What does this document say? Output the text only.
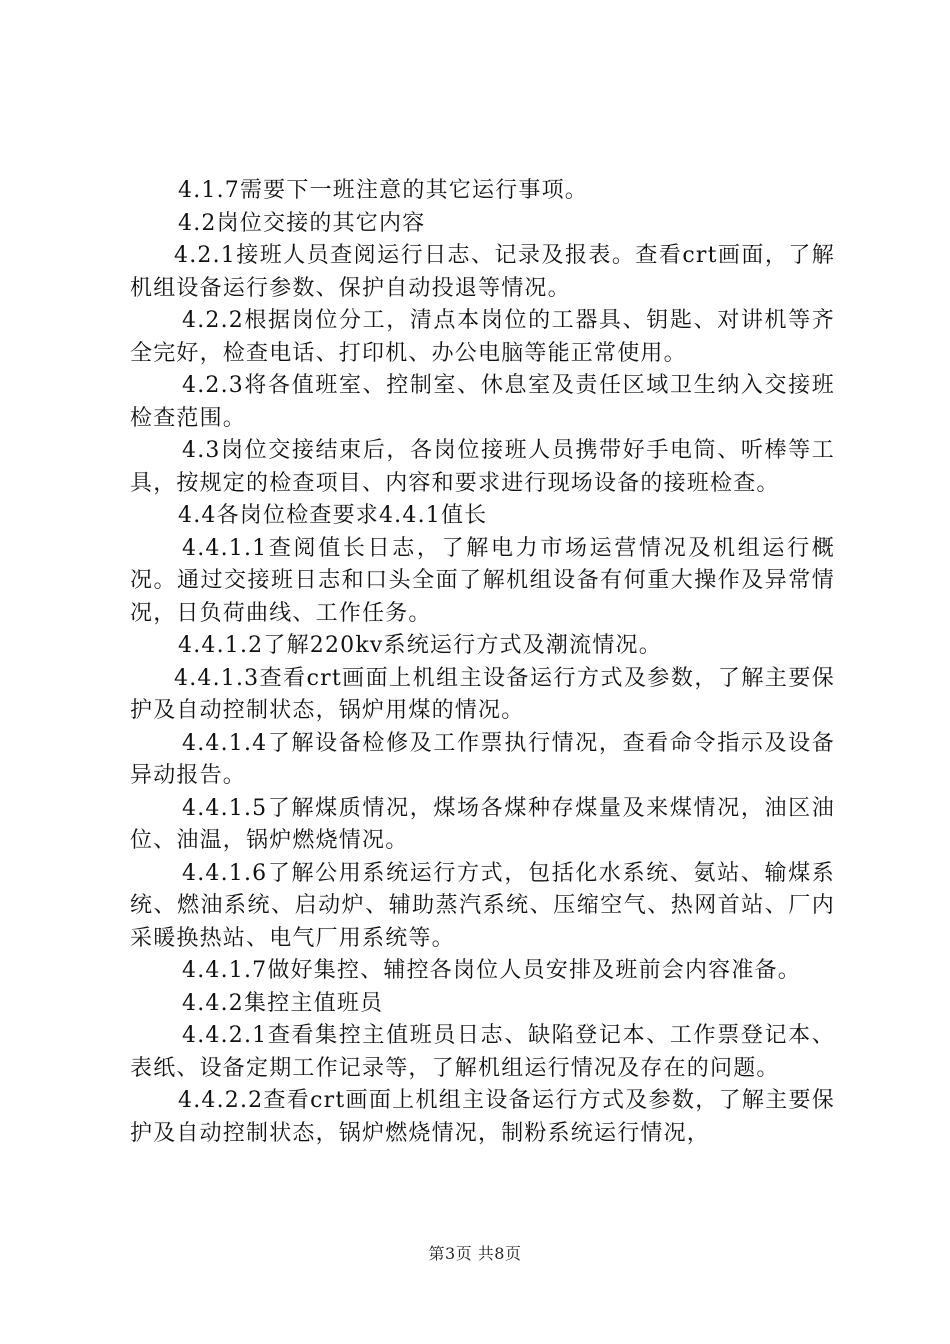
4.1.7需要下一班注意的其它运行事项。

4.2岗位交接的其它内容

4.2.1接班人员查阅运行日志、记录及报表。查看crt画面，了解机组设备运行参数、保护自动投退等情况。

4.2.2根据岗位分工，清点本岗位的工器具、钥匙、对讲机等齐全完好，检查电话、打印机、办公电脑等能正常使用。

4.2.3将各值班室、控制室、休息室及责任区域卫生纳入交接班检查范围。

4.3岗位交接结束后，各岗位接班人员携带好手电筒、听棒等工具，按规定的检查项目、内容和要求进行现场设备的接班检查。

4.4各岗位检查要求4.4.1值长

4.4.1.1查阅值长日志，了解电力市场运营情况及机组运行概况。通过交接班日志和口头全面了解机组设备有何重大操作及异常情况，日负荷曲线、工作任务。

4.4.1.2了解220kv系统运行方式及潮流情况。

4.4.1.3查看crt画面上机组主设备运行方式及参数，了解主要保护及自动控制状态，锅炉用煤的情况。

4.4.1.4了解设备检修及工作票执行情况，查看命令指示及设备异动报告。

4.4.1.5了解煤质情况，煤场各煤种存煤量及来煤情况，油区油位、油温，锅炉燃烧情况。

4.4.1.6了解公用系统运行方式，包括化水系统、氨站、输煤系统、燃油系统、启动炉、辅助蒸汽系统、压缩空气、热网首站、厂内采暖换热站、电气厂用系统等。

4.4.1.7做好集控、辅控各岗位人员安排及班前会内容准备。

4.4.2集控主值班员

4.4.2.1查看集控主值班员日志、缺陷登记本、工作票登记本、表纸、设备定期工作记录等，了解机组运行情况及存在的问题。

4.4.2.2查看crt画面上机组主设备运行方式及参数，了解主要保护及自动控制状态，锅炉燃烧情况，制粉系统运行情况，

第3页 共8页
